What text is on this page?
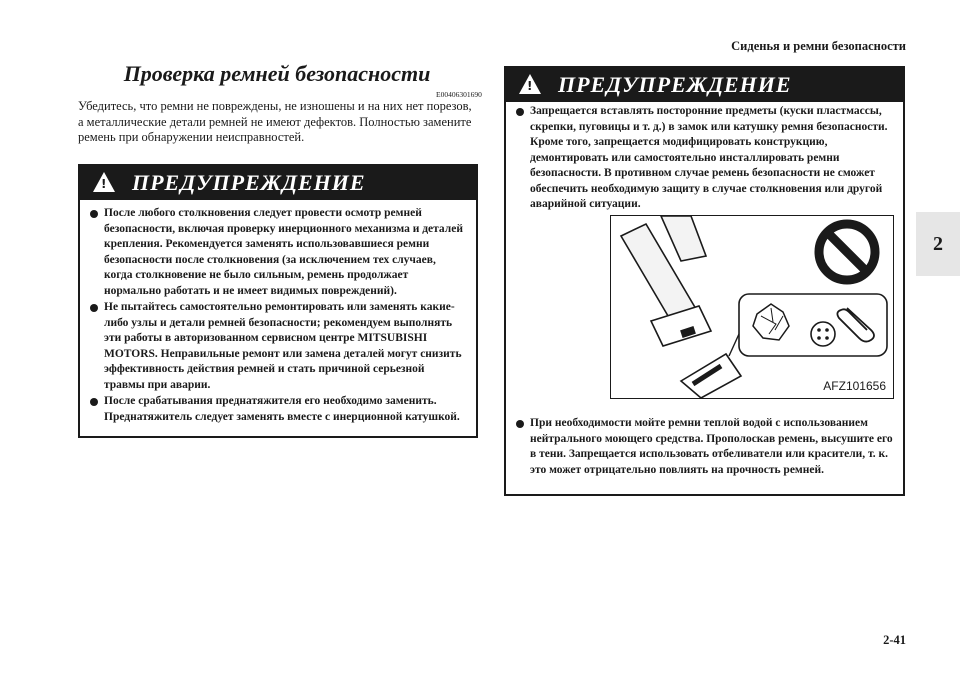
Сиденья и ремни безопасности
2
2-41
Проверка ремней безопасности
E00406301690
Убедитесь, что ремни не повреждены, не изношены и на них нет порезов, а металлические детали ремней не имеют дефектов. Полностью замените ремень при обнаружении неисправностей.
! ПРЕДУПРЕЖДЕНИЕ
После любого столкновения следует провести осмотр ремней безопасности, включая проверку инерционного механизма и деталей крепления. Рекомендуется заменять использовавшиеся ремни безопасности после столкновения (за исключением тех случаев, когда столкновение не было сильным, ремень продолжает нормально работать и не имеет видимых повреждений).
Не пытайтесь самостоятельно ремонтировать или заменять какие-либо узлы и детали ремней безопасности; рекомендуем выполнять эти работы в авторизованном сервисном центре MITSUBISHI MOTORS. Неправильные ремонт или замена деталей могут снизить эффективность действия ремней и стать причиной серьезной травмы при аварии.
После срабатывания преднатяжителя его необходимо заменить. Преднатяжитель следует заменять вместе с инерционной катушкой.
! ПРЕДУПРЕЖДЕНИЕ
Запрещается вставлять посторонние предметы (куски пластмассы, скрепки, пуговицы и т. д.) в замок или катушку ремня безопасности. Кроме того, запрещается модифицировать конструкцию, демонтировать или самостоятельно инсталлировать ремни безопасности. В противном случае ремень безопасности не сможет обеспечить необходимую защиту в случае столкновения или другой аварийной ситуации.
AFZ101656
При необходимости мойте ремни теплой водой с использованием нейтрального моющего средства. Прополоскав ремень, высушите его в тени. Запрещается использовать отбеливатели или красители, т. к. это может отрицательно повлиять на прочность ремней.
